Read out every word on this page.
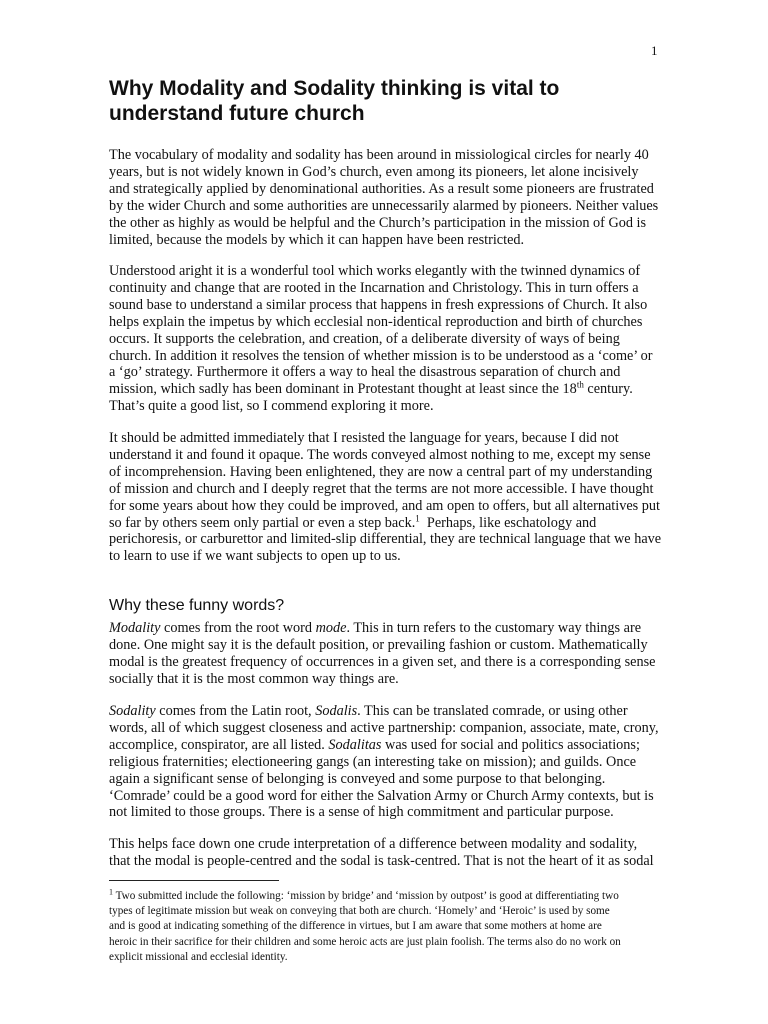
1
Why Modality and Sodality thinking is vital to understand future church

The vocabulary of modality and sodality has been around in missiological circles for nearly 40
years, but is not widely known in God’s church, even among its pioneers, let alone incisively
and strategically applied by denominational authorities. As a result some pioneers are frustrated
by the wider Church and some authorities are unnecessarily alarmed by pioneers. Neither values
the other as highly as would be helpful and the Church’s participation in the mission of God is
limited, because the models by which it can happen have been restricted.

Understood aright it is a wonderful tool which works elegantly with the twinned dynamics of
continuity and change that are rooted in the Incarnation and Christology. This in turn offers a
sound base to understand a similar process that happens in fresh expressions of Church. It also
helps explain the impetus by which ecclesial non-identical reproduction and birth of churches
occurs. It supports the celebration, and creation, of a deliberate diversity of ways of being
church. In addition it resolves the tension of whether mission is to be understood as a ‘come’ or
a ‘go’ strategy. Furthermore it offers a way to heal the disastrous separation of church and
mission, which sadly has been dominant in Protestant thought at least since the 18th century.
That’s quite a good list, so I commend exploring it more.

It should be admitted immediately that I resisted the language for years, because I did not
understand it and found it opaque. The words conveyed almost nothing to me, except my sense
of incomprehension. Having been enlightened, they are now a central part of my understanding
of mission and church and I deeply regret that the terms are not more accessible. I have thought
for some years about how they could be improved, and am open to offers, but all alternatives put
so far by others seem only partial or even a step back.$^1$ Perhaps, like eschatology and
perichoresis, or carburettor and limited-slip differential, they are technical language that we have
to learn to use if we want subjects to open up to us.

Why these funny words?

Modality comes from the root word mode. This in turn refers to the customary way things are
done. One might say it is the default position, or prevailing fashion or custom. Mathematically
modal is the greatest frequency of occurrences in a given set, and there is a corresponding sense
socially that it is the most common way things are.

Sodality comes from the Latin root, Sodalis. This can be translated comrade, or using other
words, all of which suggest closeness and active partnership: companion, associate, mate, crony,
accomplice, conspirator, are all listed. Sodalitas was used for social and politics associations;
religious fraternities; electioneering gangs (an interesting take on mission); and guilds. Once
again a significant sense of belonging is conveyed and some purpose to that belonging.
‘Comrade’ could be a good word for either the Salvation Army or Church Army contexts, but is
not limited to those groups. There is a sense of high commitment and particular purpose.

This helps face down one crude interpretation of a difference between modality and sodality,
that the modal is people-centred and the sodal is task-centred. That is not the heart of it as sodal

$^1$ Two submitted include the following: ‘mission by bridge’ and ‘mission by outpost’ is good at differentiating two
types of legitimate mission but weak on conveying that both are church. ‘Homely’ and ‘Heroic’ is used by some
and is good at indicating something of the difference in virtues, but I am aware that some mothers at home are
heroic in their sacrifice for their children and some heroic acts are just plain foolish. The terms also do no work on
explicit missional and ecclesial identity.
